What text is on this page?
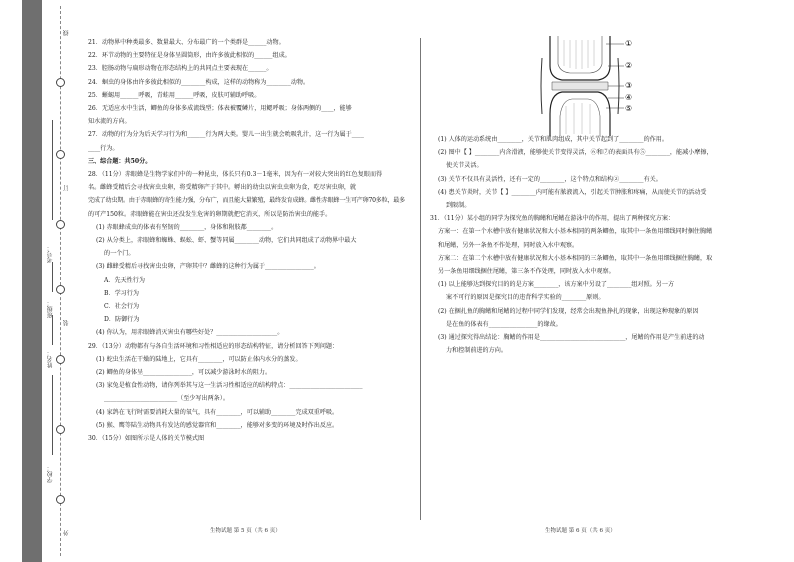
线
订
装
外
考号：
班级：
姓名：
学校：
21．动物界中种类最多、数量最大、分布最广的一个类群是______动物。
22．环节动物的主要特征是身体呈圆筒形，由许多彼此相似的______组成。
23．腔肠动物与扁形动物在形态结构上的共同点主要表现在______。
24．蛔虫的身体由许多彼此相似的________构成，这样的动物称为________动物。
25．蜥蜴用______呼吸，青蛙用______呼吸，皮肤可辅助呼吸。
26．无适应水中生活，鲫鱼的身体多成流线型；体表被覆鳞片，用鳃呼吸；身体两侧的____，能够
知水流的方向。
27．动物的行为分为后天学习行为和______行为两大类。婴儿一出生就会吮吸乳汁，这一行为属于____
____行为。
三、综合题：共50分。
28．（11分）赤眼蜂是生物学家们中的一种昆虫，体长只有0.3－1毫米，因为有一对较大突出的红色复眼而得
名。雌蜂受精后会寻找害虫虫卵，将受精卵产于其中。孵出的幼虫以害虫虫卵为食，吃尽害虫卵，就
完成了幼虫期。由于赤眼蜂的寄生能力强，分布广，而且能大量繁殖，最终发育成蜂。雌性赤眼蜂一生可产卵70多粒，最多
的可产150粒。赤眼蜂能在害虫还没发生危害的卵期就把它消灭，所以是防治害虫的能手。
(1) 赤眼蜂成虫的体表有坚韧的________，身体和附肢都________。
(2) 从分类上，赤眼蜂和蜘蛛、蜈蚣、虾、蟹等同属________动物，它们共同组成了动物界中最大
的一个门。
(3) 雌蜂受精后寻找害虫虫卵，产卵其中？雌蜂的这种行为属于________________。
A．先天性行为
B．学习行为
C．社会行为
D．防御行为
(4) 你认为，用赤眼蜂消灭害虫有哪些好处？____________________。
29．（13分）动物都有与各自生活环境和习性相适应的形态结构特征，请分析回答下列问题：
(1) 蛇虫生活在干燥的陆地上，它具有________，可以防止体内水分的蒸发。
(2) 鲫鱼的身体呈________________，可以减少游泳时水的阻力。
(3) 家兔是植食性动物，请你列举其与这一生活习性相适应的结构特点：________________________
________________________（至少写出两条）。
(4) 家鸽在飞行时需要消耗大量的氧气，具有________，可以辅助________完成双重呼吸。
(5) 猴、鹰等陆生动物具有发达的感觉器官和________，能够对多变的环境及时作出反应。
30．（15分）如图所示是人体的关节模式图
生物试题 第 5 页（共 6 页）
①
②
③
④
⑤
(1) 人体的运动系统由________，关节和肌肉组成，其中关节起到了________的作用。
(2) 图中【 】________内含滑液，能够使关节变得灵活，⑥和⑦的表面具有⑤________，能减小摩擦，
使关节灵活。
(3) 关节不仅具有灵活性，还有一定的________，这个特点和结构②________有关。
(4) 患关节炎时，关节【 】________内可能有脓液流入，引起关节肿胀和疼痛，从而使关节的活动受
到限制。
31．（11分）某小组的同学为探究鱼的胸鳍和尾鳍在游泳中的作用，提出了两种探究方案：
方案一：在第一个水槽中放有健康状况和大小基本相同的两条鲫鱼，取其中一条鱼用细线同时捆住胸鳍
和尾鳍，另外一条鱼不作处理，同时放入水中观察。
方案二：在第二个水槽中放有健康状况和大小基本相同的三条鲫鱼，取其中一条鱼用细线捆住胸鳍，取
另一条鱼用细线捆住尾鳍，第三条不作处理，同时放入水中观察。
(1) 以上能够达到探究目的的是方案________，该方案中另设了________组对照。另一方
案不可行的原因是探究目的违背科学实验的________原则。
(2) 在捆扎鱼的胸鳍和尾鳍的过程中同学们发现，经常会出现鱼挣扎的现象，出现这种现象的原因
是在鱼的体表有________________的缘故。
(3) 通过探究得出结论：胸鳍的作用是____________________________，尾鳍的作用是产生前进的动
力和控制前进的方向。
生物试题 第 6 页（共 6 页）
